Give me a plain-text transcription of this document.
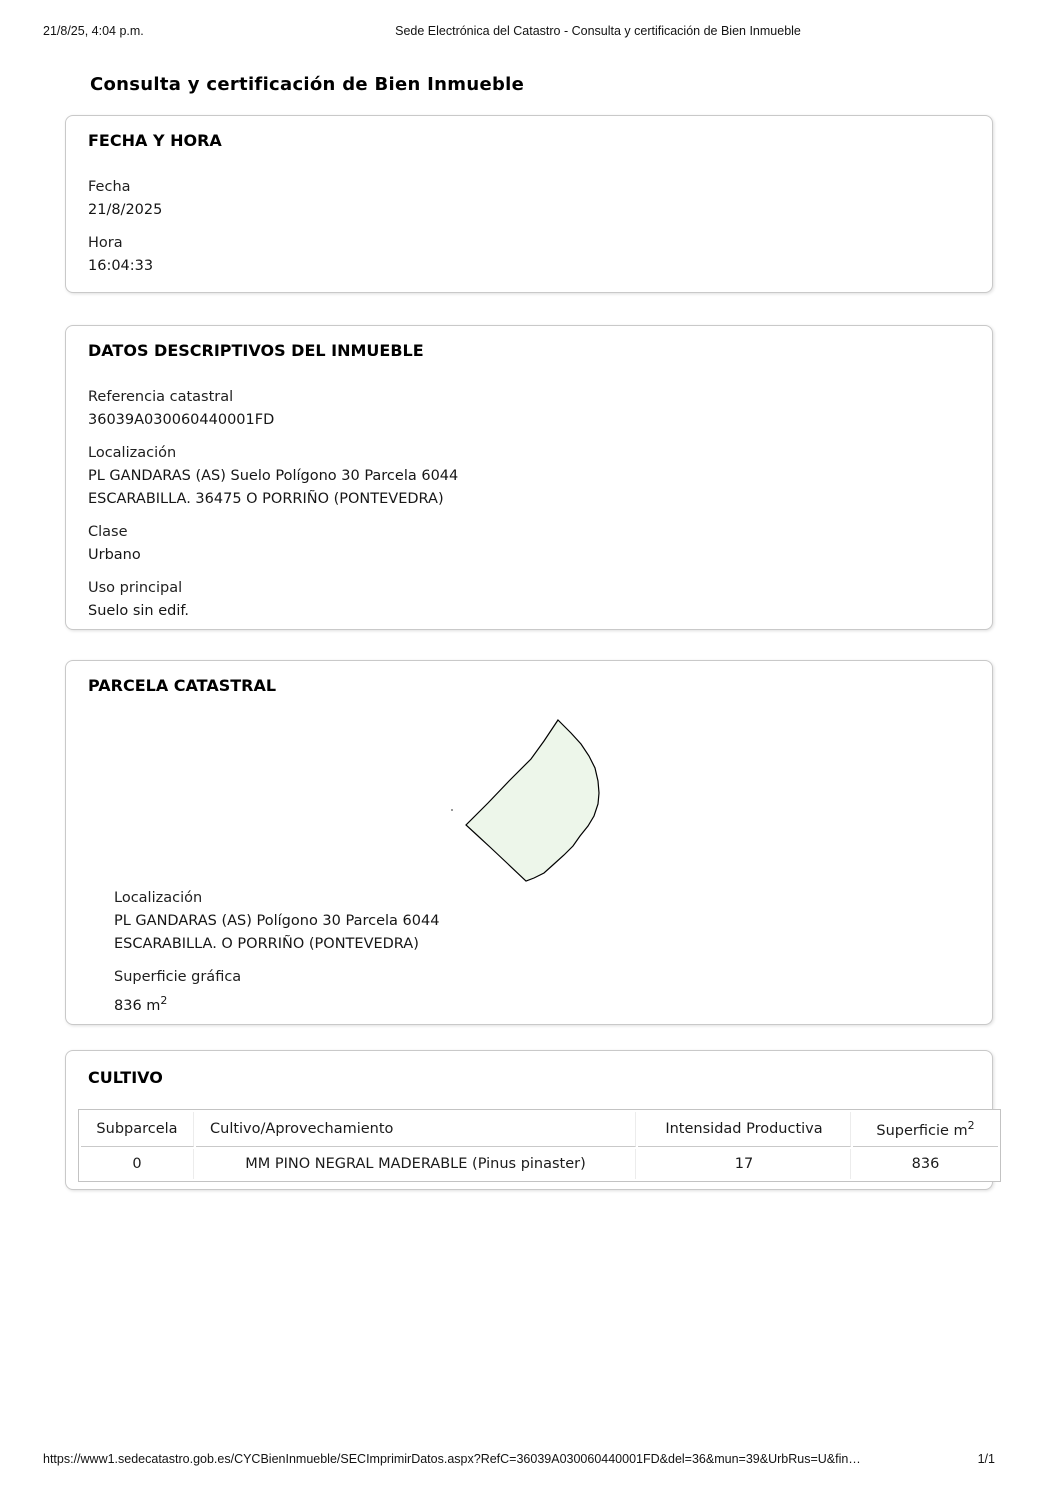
21/8/25, 4:04 p.m.	Sede Electrónica del Catastro - Consulta y certificación de Bien Inmueble
Consulta y certificación de Bien Inmueble
FECHA Y HORA
Fecha
21/8/2025
Hora
16:04:33
DATOS DESCRIPTIVOS DEL INMUEBLE
Referencia catastral
36039A030060440001FD
Localización
PL GANDARAS (AS) Suelo Polígono 30 Parcela 6044
ESCARABILLA. 36475 O PORRIÑO (PONTEVEDRA)
Clase
Urbano
Uso principal
Suelo sin edif.
PARCELA CATASTRAL
Localización
PL GANDARAS (AS) Polígono 30 Parcela 6044
ESCARABILLA. O PORRIÑO (PONTEVEDRA)
Superficie gráfica
836 $m^2$
CULTIVO
Subparcela	Cultivo/Aprovechamiento	Intensidad Productiva	Superficie $m^2$
0	MM PINO NEGRAL MADERABLE (Pinus pinaster)	17	836
https://www1.sedecatastro.gob.es/CYCBienInmueble/SECImprimirDatos.aspx?RefC=36039A030060440001FD&del=36&mun=39&UrbRus=U&fin…	1/1
